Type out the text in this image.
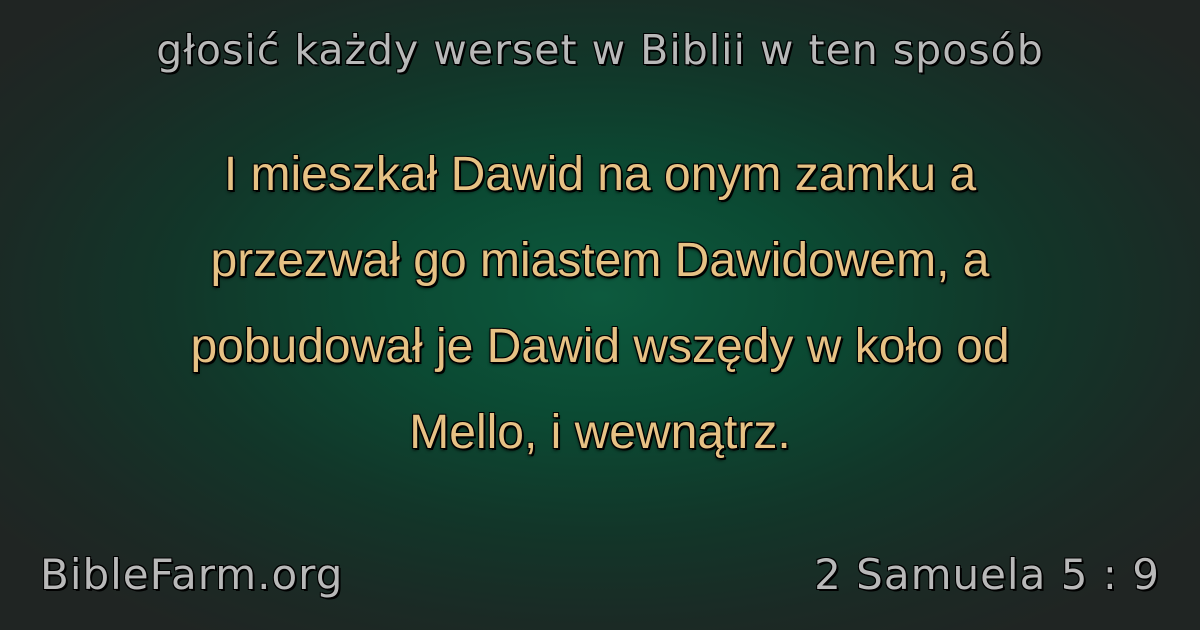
głosić każdy werset w Biblii w ten sposób
I mieszkał Dawid na onym zamku a
przezwał go miastem Dawidowem, a
pobudował je Dawid wszędy w koło od
Mello, i wewnątrz.
BibleFarm.org	2 Samuela 5 : 9
